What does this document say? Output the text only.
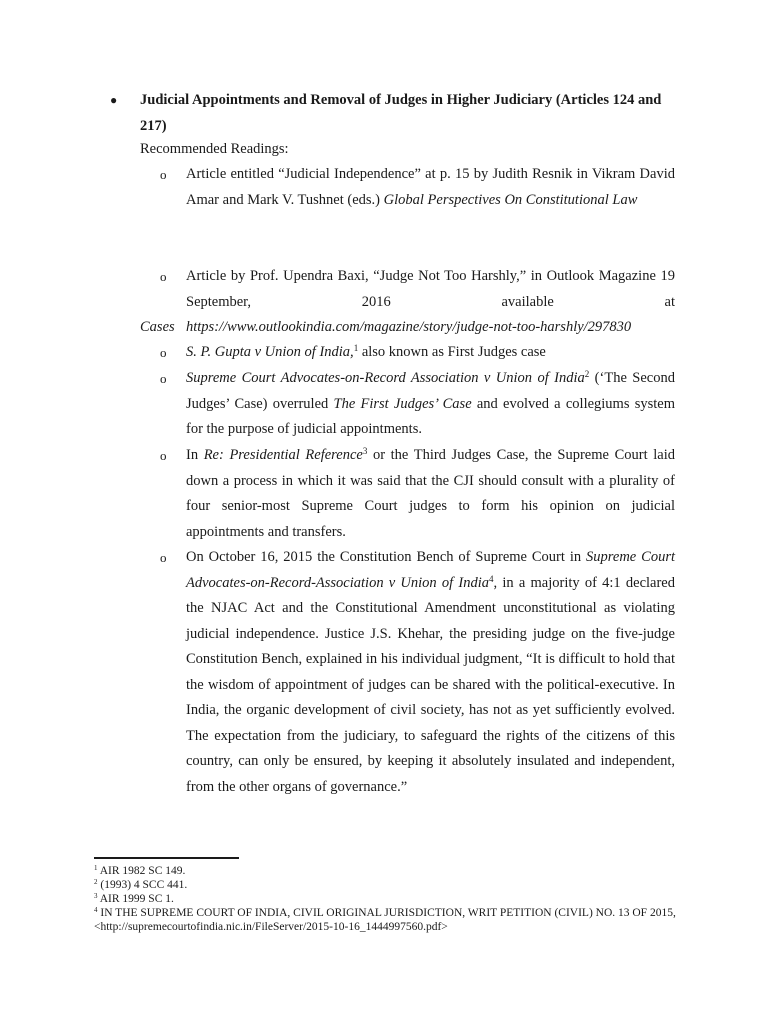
● Judicial Appointments and Removal of Judges in Higher Judiciary (Articles 124 and 217)
Recommended Readings:
o Article entitled “Judicial Independence” at p. 15 by Judith Resnik in Vikram David Amar and Mark V. Tushnet (eds.) Global Perspectives On Constitutional Law
o Article by Prof. Upendra Baxi, “Judge Not Too Harshly,” in Outlook Magazine 19 September, 2016 available at
https://www.outlookindia.com/magazine/story/judge-not-too-harshly/297830
Cases
o S. P. Gupta v Union of India,$^1$ also known as First Judges case
o Supreme Court Advocates-on-Record Association v Union of India$^2$ (‘The Second Judges’ Case) overruled The First Judges’ Case and evolved a collegiums system for the purpose of judicial appointments.
o In Re: Presidential Reference$^3$ or the Third Judges Case, the Supreme Court laid down a process in which it was said that the CJI should consult with a plurality of four senior-most Supreme Court judges to form his opinion on judicial appointments and transfers.
o On October 16, 2015 the Constitution Bench of Supreme Court in Supreme Court Advocates-on-Record-Association v Union of India$^4$, in a majority of 4:1 declared the NJAC Act and the Constitutional Amendment unconstitutional as violating judicial independence. Justice J.S. Khehar, the presiding judge on the five-judge Constitution Bench, explained in his individual judgment, “It is difficult to hold that the wisdom of appointment of judges can be shared with the political-executive. In India, the organic development of civil society, has not as yet sufficiently evolved. The expectation from the judiciary, to safeguard the rights of the citizens of this country, can only be ensured, by keeping it absolutely insulated and independent, from the other organs of governance.”
$^1$ AIR 1982 SC 149.
$^2$ (1993) 4 SCC 441.
$^3$ AIR 1999 SC 1.
$^4$ IN THE SUPREME COURT OF INDIA, CIVIL ORIGINAL JURISDICTION, WRIT PETITION (CIVIL) NO. 13 OF 2015, <http://supremecourtofindia.nic.in/FileServer/2015-10-16_1444997560.pdf>
